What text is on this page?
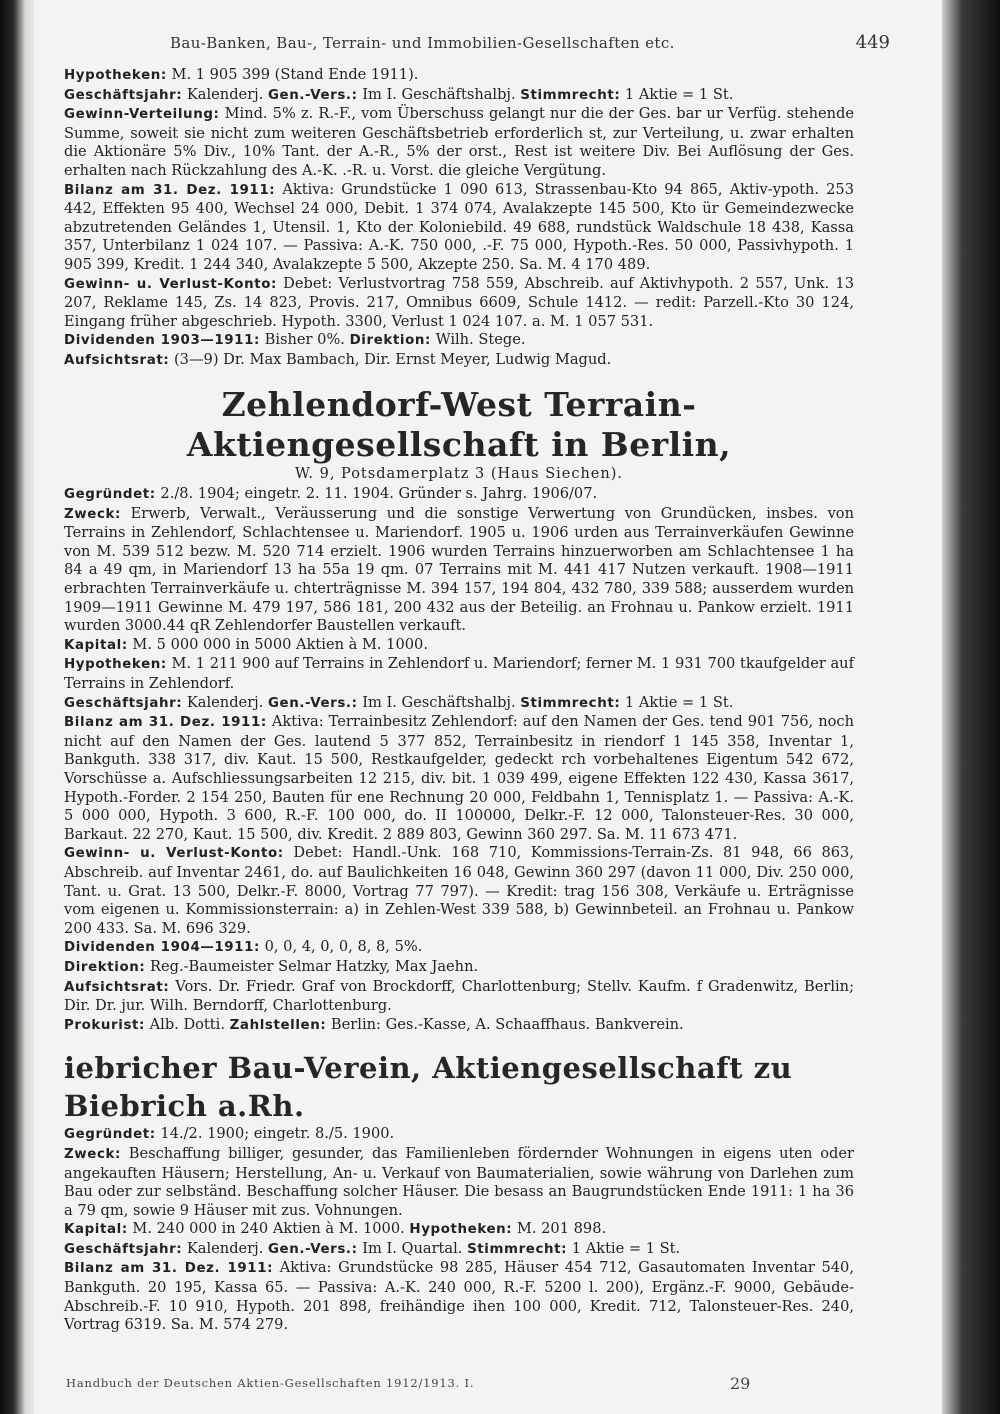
Bau-Banken, Bau-, Terrain- und Immobilien-Gesellschaften etc.	449

Hypotheken: M. 1 905 399 (Stand Ende 1911).

Geschäftsjahr: Kalenderj. Gen.-Vers.: Im I. Geschäftshalbj. Stimmrecht: 1 Aktie = 1 St.

Gewinn-Verteilung: Mind. 5% z. R.-F., vom Überschuss gelangt nur die der Ges. bar ur Verfüg. stehende Summe, soweit sie nicht zum weiteren Geschäftsbetrieb erforderlich st, zur Verteilung, u. zwar erhalten die Aktionäre 5% Div., 10% Tant. der A.-R., 5% der orst., Rest ist weitere Div. Bei Auflösung der Ges. erhalten nach Rückzahlung des A.-K. .-R. u. Vorst. die gleiche Vergütung.

Bilanz am 31. Dez. 1911: Aktiva: Grundstücke 1 090 613, Strassenbau-Kto 94 865, Aktiv-ypoth. 253 442, Effekten 95 400, Wechsel 24 000, Debit. 1 374 074, Avalakzepte 145 500, Kto ür Gemeindezwecke abzutretenden Geländes 1, Utensil. 1, Kto der Koloniebild. 49 688, rundstück Waldschule 18 438, Kassa 357, Unterbilanz 1 024 107. — Passiva: A.-K. 750 000, .-F. 75 000, Hypoth.-Res. 50 000, Passivhypoth. 1 905 399, Kredit. 1 244 340, Avalakzepte 5 500, Akzepte 250. Sa. M. 4 170 489.

Gewinn- u. Verlust-Konto: Debet: Verlustvortrag 758 559, Abschreib. auf Aktivhypoth. 2 557, Unk. 13 207, Reklame 145, Zs. 14 823, Provis. 217, Omnibus 6609, Schule 1412. — redit: Parzell.-Kto 30 124, Eingang früher abgeschrieb. Hypoth. 3300, Verlust 1 024 107. a. M. 1 057 531.

Dividenden 1903—1911: Bisher 0%. Direktion: Wilh. Stege.

Aufsichtsrat: (3—9) Dr. Max Bambach, Dir. Ernst Meyer, Ludwig Magud.

Zehlendorf-West Terrain-Aktiengesellschaft in Berlin,
W. 9, Potsdamerplatz 3 (Haus Siechen).

Gegründet: 2./8. 1904; eingetr. 2. 11. 1904. Gründer s. Jahrg. 1906/07.

Zweck: Erwerb, Verwalt., Veräusserung und die sonstige Verwertung von Grundücken, insbes. von Terrains in Zehlendorf, Schlachtensee u. Mariendorf. 1905 u. 1906 urden aus Terrainverkäufen Gewinne von M. 539 512 bezw. M. 520 714 erzielt. 1906 wurden Terrains hinzuerworben am Schlachtensee 1 ha 84 a 49 qm, in Mariendorf 13 ha 55a 19 qm. 07 Terrains mit M. 441 417 Nutzen verkauft. 1908—1911 erbrachten Terrainverkäufe u. chterträgnisse M. 394 157, 194 804, 432 780, 339 588; ausserdem wurden 1909—1911 Gewinne M. 479 197, 586 181, 200 432 aus der Beteilig. an Frohnau u. Pankow erzielt. 1911 wurden 3000.44 qR Zehlendorfer Baustellen verkauft.

Kapital: M. 5 000 000 in 5000 Aktien à M. 1000.

Hypotheken: M. 1 211 900 auf Terrains in Zehlendorf u. Mariendorf; ferner M. 1 931 700 tkaufgelder auf Terrains in Zehlendorf.

Geschäftsjahr: Kalenderj. Gen.-Vers.: Im I. Geschäftshalbj. Stimmrecht: 1 Aktie = 1 St.

Bilanz am 31. Dez. 1911: Aktiva: Terrainbesitz Zehlendorf: auf den Namen der Ges. tend 901 756, noch nicht auf den Namen der Ges. lautend 5 377 852, Terrainbesitz in riendorf 1 145 358, Inventar 1, Bankguth. 338 317, div. Kaut. 15 500, Restkaufgelder, gedeckt rch vorbehaltenes Eigentum 542 672, Vorschüsse a. Aufschliessungsarbeiten 12 215, div. bit. 1 039 499, eigene Effekten 122 430, Kassa 3617, Hypoth.-Forder. 2 154 250, Bauten für ene Rechnung 20 000, Feldbahn 1, Tennisplatz 1. — Passiva: A.-K. 5 000 000, Hypoth. 3 600, R.-F. 100 000, do. II 100000, Delkr.-F. 12 000, Talonsteuer-Res. 30 000, Barkaut. 22 270, Kaut. 15 500, div. Kredit. 2 889 803, Gewinn 360 297. Sa. M. 11 673 471.

Gewinn- u. Verlust-Konto: Debet: Handl.-Unk. 168 710, Kommissions-Terrain-Zs. 81 948, 66 863, Abschreib. auf Inventar 2461, do. auf Baulichkeiten 16 048, Gewinn 360 297 (davon 11 000, Div. 250 000, Tant. u. Grat. 13 500, Delkr.-F. 8000, Vortrag 77 797). — Kredit: trag 156 308, Verkäufe u. Erträgnisse vom eigenen u. Kommissionsterrain: a) in Zehlen-West 339 588, b) Gewinnbeteil. an Frohnau u. Pankow 200 433. Sa. M. 696 329.

Dividenden 1904—1911: 0, 0, 4, 0, 0, 8, 8, 5%.

Direktion: Reg.-Baumeister Selmar Hatzky, Max Jaehn.

Aufsichtsrat: Vors. Dr. Friedr. Graf von Brockdorff, Charlottenburg; Stellv. Kaufm. f Gradenwitz, Berlin; Dir. Dr. jur. Wilh. Berndorff, Charlottenburg.

Prokurist: Alb. Dotti. Zahlstellen: Berlin: Ges.-Kasse, A. Schaaffhaus. Bankverein.

iebricher Bau-Verein, Aktiengesellschaft zu Biebrich a.Rh.

Gegründet: 14./2. 1900; eingetr. 8./5. 1900.

Zweck: Beschaffung billiger, gesunder, das Familienleben fördernder Wohnungen in eigens uten oder angekauften Häusern; Herstellung, An- u. Verkauf von Baumaterialien, sowie währung von Darlehen zum Bau oder zur selbständ. Beschaffung solcher Häuser. Die besass an Baugrundstücken Ende 1911: 1 ha 36 a 79 qm, sowie 9 Häuser mit zus. Vohnungen.

Kapital: M. 240 000 in 240 Aktien à M. 1000. Hypotheken: M. 201 898.

Geschäftsjahr: Kalenderj. Gen.-Vers.: Im I. Quartal. Stimmrecht: 1 Aktie = 1 St.

Bilanz am 31. Dez. 1911: Aktiva: Grundstücke 98 285, Häuser 454 712, Gasautomaten Inventar 540, Bankguth. 20 195, Kassa 65. — Passiva: A.-K. 240 000, R.-F. 5200 l. 200), Ergänz.-F. 9000, Gebäude-Abschreib.-F. 10 910, Hypoth. 201 898, freihändige ihen 100 000, Kredit. 712, Talonsteuer-Res. 240, Vortrag 6319. Sa. M. 574 279.

Handbuch der Deutschen Aktien-Gesellschaften 1912/1913. I.	29
